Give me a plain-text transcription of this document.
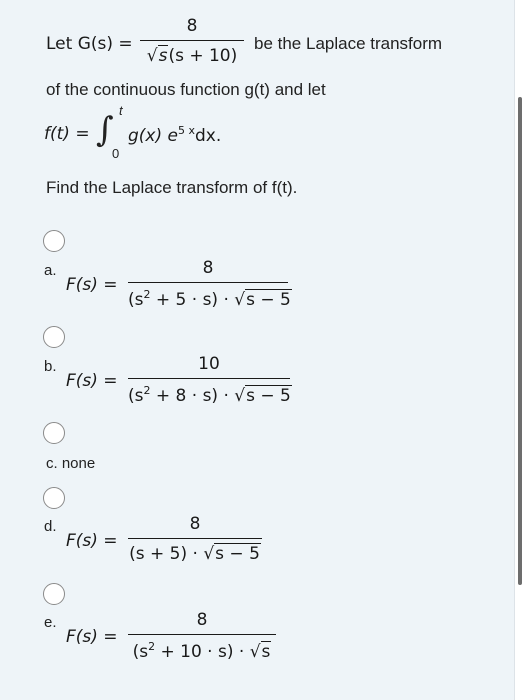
Let G(s) =
8
√s(s + 10)
be the Laplace transform
of the continuous function g(t) and let
f(t) = ∫ t
0
g(x) $e^{5 x}dx$.
Find the Laplace transform of f(t).
a.
F(s) =
8
$(s^2 + 5 \cdot s) \cdot √s - 5$
b.
F(s) =
10
$(s^2 + 8 \cdot s) \cdot √s - 5$
c. none
d.
F(s) =
8
(s + 5) · √s − 5
e.
F(s) =
8
$(s^2 + 10 \cdot s) \cdot √s$
